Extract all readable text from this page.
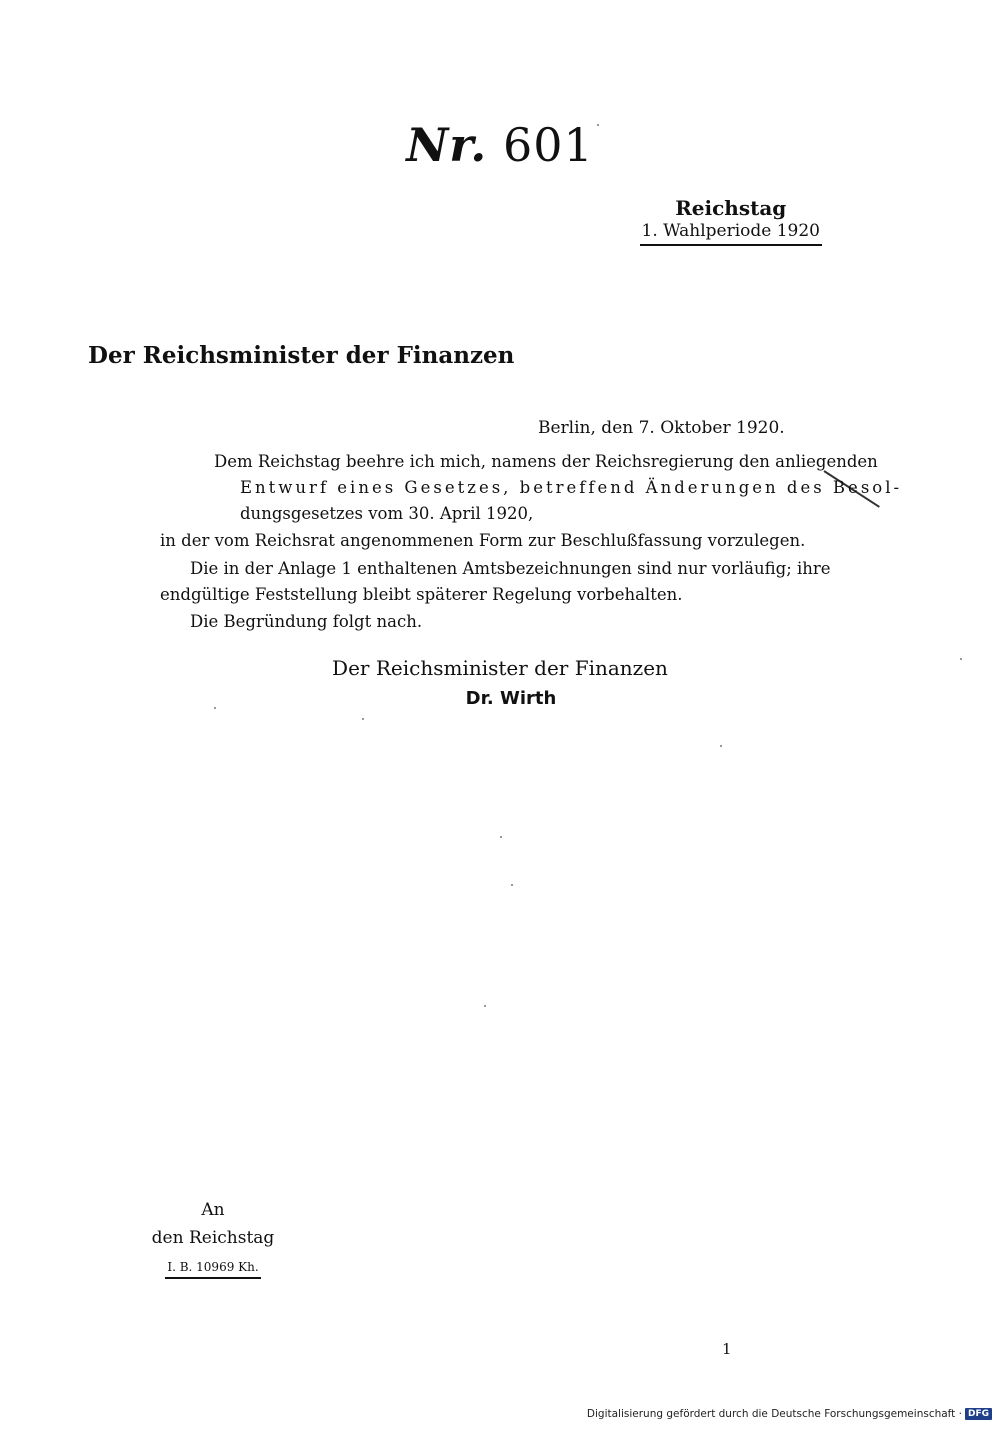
Nr. 601
Reichstag
1. Wahlperiode 1920
Der Reichsminister der Finanzen
Berlin, den 7. Oktober 1920.
Dem Reichstag beehre ich mich, namens der Reichsregierung den anliegenden
Entwurf eines Gesetzes, betreffend Änderungen des Besol-
dungsgesetzes vom 30. April 1920,
in der vom Reichsrat angenommenen Form zur Beschlußfassung vorzulegen.
Die in der Anlage 1 enthaltenen Amtsbezeichnungen sind nur vorläufig; ihre
endgültige Feststellung bleibt späterer Regelung vorbehalten.
Die Begründung folgt nach.
Der Reichsminister der Finanzen
Dr. Wirth
An
den Reichstag
I. B. 10969 Kh.
1
Digitalisierung gefördert durch die Deutsche Forschungsgemeinschaft · DFG
